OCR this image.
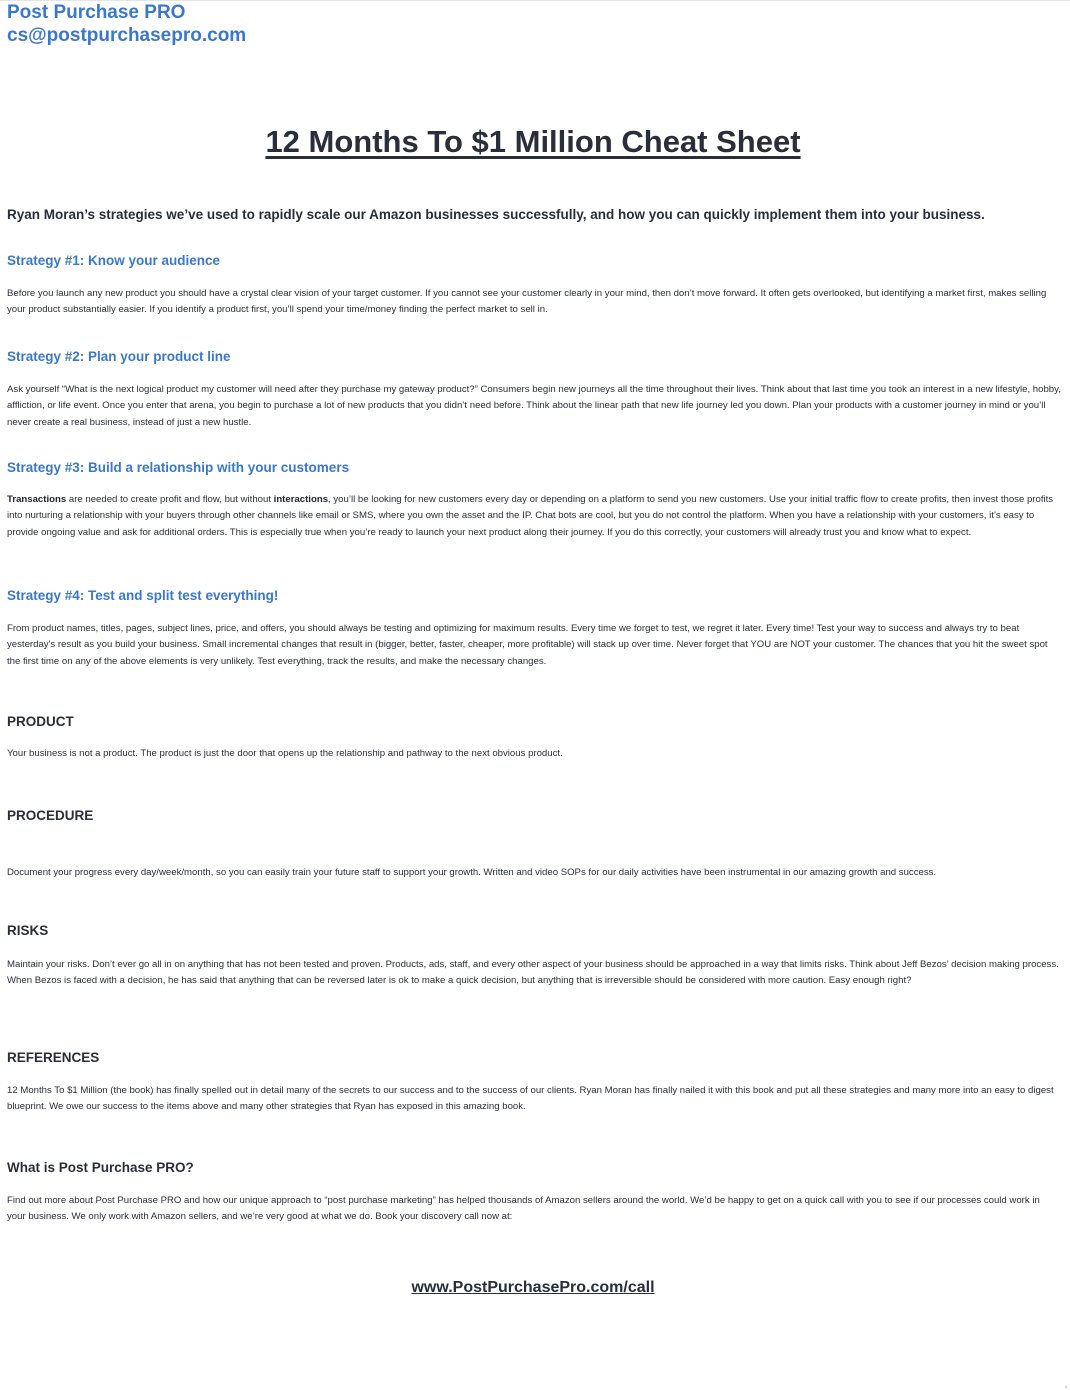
Post Purchase PRO
cs@postpurchasepro.com
12 Months To $1 Million Cheat Sheet

Ryan Moran’s strategies we’ve used to rapidly scale our Amazon businesses successfully, and how you can quickly implement them into your business.

Strategy #1: Know your audience

Before you launch any new product you should have a crystal clear vision of your target customer. If you cannot see your customer clearly in your mind, then don’t move forward. It often gets overlooked, but identifying a market first, makes selling your product substantially easier. If you identify a product first, you’ll spend your time/money finding the perfect market to sell in.

Strategy #2: Plan your product line

Ask yourself “What is the next logical product my customer will need after they purchase my gateway product?” Consumers begin new journeys all the time throughout their lives. Think about that last time you took an interest in a new lifestyle, hobby, affliction, or life event. Once you enter that arena, you begin to purchase a lot of new products that you didn’t need before. Think about the linear path that new life journey led you down. Plan your products with a customer journey in mind or you’ll never create a real business, instead of just a new hustle.

Strategy #3: Build a relationship with your customers

Transactions are needed to create profit and flow, but without interactions, you’ll be looking for new customers every day or depending on a platform to send you new customers. Use your initial traffic flow to create profits, then invest those profits into nurturing a relationship with your buyers through other channels like email or SMS, where you own the asset and the IP. Chat bots are cool, but you do not control the platform. When you have a relationship with your customers, it’s easy to provide ongoing value and ask for additional orders. This is especially true when you’re ready to launch your next product along their journey. If you do this correctly, your customers will already trust you and know what to expect.

Strategy #4: Test and split test everything!

From product names, titles, pages, subject lines, price, and offers, you should always be testing and optimizing for maximum results. Every time we forget to test, we regret it later. Every time! Test your way to success and always try to beat yesterday's result as you build your business. Small incremental changes that result in (bigger, better, faster, cheaper, more profitable) will stack up over time. Never forget that YOU are NOT your customer. The chances that you hit the sweet spot the first time on any of the above elements is very unlikely. Test everything, track the results, and make the necessary changes.

PRODUCT

Your business is not a product. The product is just the door that opens up the relationship and pathway to the next obvious product.

PROCEDURE

Document your progress every day/week/month, so you can easily train your future staff to support your growth. Written and video SOPs for our daily activities have been instrumental in our amazing growth and success.

RISKS

Maintain your risks. Don’t ever go all in on anything that has not been tested and proven. Products, ads, staff, and every other aspect of your business should be approached in a way that limits risks. Think about Jeff Bezos’ decision making process. When Bezos is faced with a decision, he has said that anything that can be reversed later is ok to make a quick decision, but anything that is irreversible should be considered with more caution. Easy enough right?

REFERENCES

12 Months To $1 Million (the book) has finally spelled out in detail many of the secrets to our success and to the success of our clients. Ryan Moran has finally nailed it with this book and put all these strategies and many more into an easy to digest blueprint. We owe our success to the items above and many other strategies that Ryan has exposed in this amazing book.

What is Post Purchase PRO?

Find out more about Post Purchase PRO and how our unique approach to “post purchase marketing” has helped thousands of Amazon sellers around the world. We’d be happy to get on a quick call with you to see if our processes could work in your business. We only work with Amazon sellers, and we’re very good at what we do. Book your discovery call now at:

www.PostPurchasePro.com/call
